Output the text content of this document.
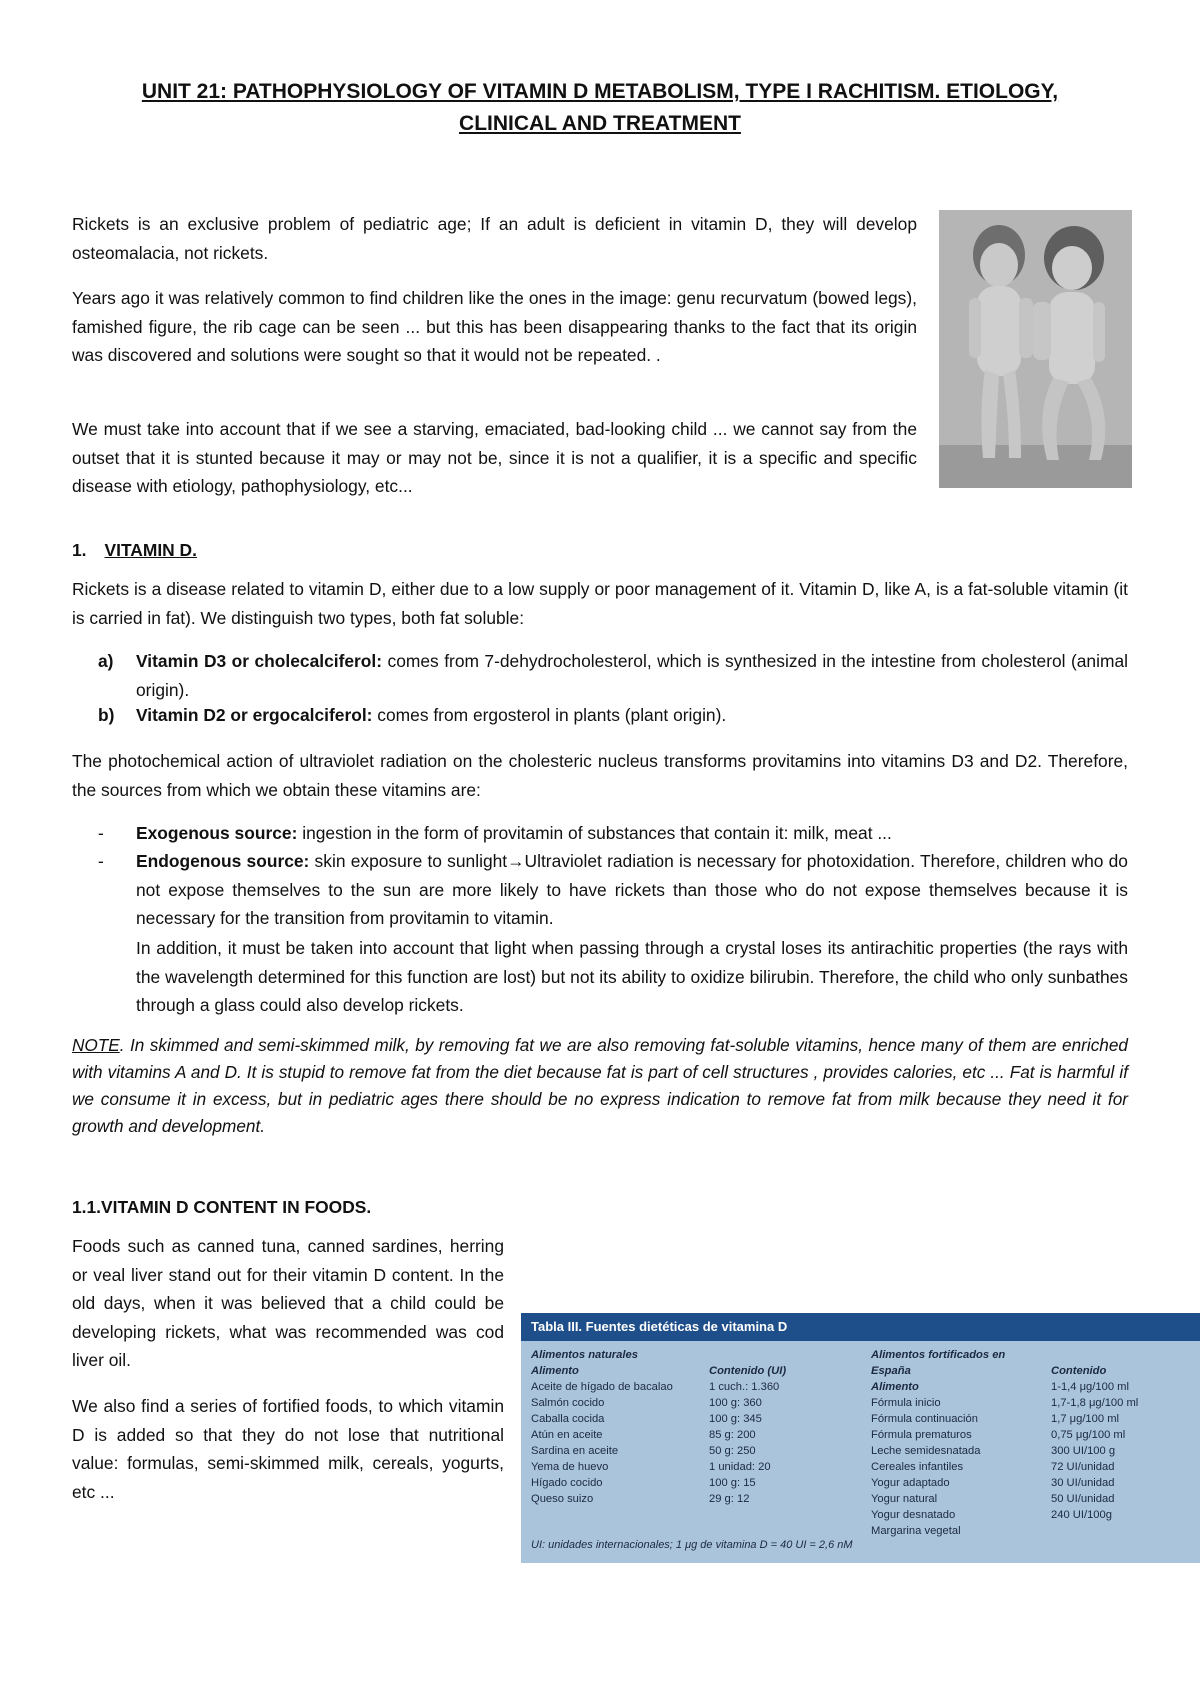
UNIT 21: PATHOPHYSIOLOGY OF VITAMIN D METABOLISM, TYPE I RACHITISM. ETIOLOGY,
CLINICAL AND TREATMENT
Rickets is an exclusive problem of pediatric age; If an adult is deficient in vitamin D, they will develop osteomalacia, not rickets.
Years ago it was relatively common to find children like the ones in the image: genu recurvatum (bowed legs), famished figure, the rib cage can be seen ... but this has been disappearing thanks to the fact that its origin was discovered and solutions were sought so that it would not be repeated. .
We must take into account that if we see a starving, emaciated, bad-looking child ... we cannot say from the outset that it is stunted because it may or may not be, since it is not a qualifier, it is a specific and specific disease with etiology, pathophysiology, etc...
1. VITAMIN D.
Rickets is a disease related to vitamin D, either due to a low supply or poor management of it. Vitamin D, like A, is a fat-soluble vitamin (it is carried in fat). We distinguish two types, both fat soluble:
a) Vitamin D3 or cholecalciferol: comes from 7-dehydrocholesterol, which is synthesized in the intestine from cholesterol (animal origin).
b) Vitamin D2 or ergocalciferol: comes from ergosterol in plants (plant origin).
The photochemical action of ultraviolet radiation on the cholesteric nucleus transforms provitamins into vitamins D3 and D2. Therefore, the sources from which we obtain these vitamins are:
- Exogenous source: ingestion in the form of provitamin of substances that contain it: milk, meat ...
- Endogenous source: skin exposure to sunlight→Ultraviolet radiation is necessary for photoxidation. Therefore, children who do not expose themselves to the sun are more likely to have rickets than those who do not expose themselves because it is necessary for the transition from provitamin to vitamin.
In addition, it must be taken into account that light when passing through a crystal loses its antirachitic properties (the rays with the wavelength determined for this function are lost) but not its ability to oxidize bilirubin. Therefore, the child who only sunbathes through a glass could also develop rickets.
NOTE. In skimmed and semi-skimmed milk, by removing fat we are also removing fat-soluble vitamins, hence many of them are enriched with vitamins A and D. It is stupid to remove fat from the diet because fat is part of cell structures , provides calories, etc ... Fat is harmful if we consume it in excess, but in pediatric ages there should be no express indication to remove fat from milk because they need it for growth and development.
1.1.VITAMIN D CONTENT IN FOODS.
Foods such as canned tuna, canned sardines, herring or veal liver stand out for their vitamin D content. In the old days, when it was believed that a child could be developing rickets, what was recommended was cod liver oil.
We also find a series of fortified foods, to which vitamin D is added so that they do not lose that nutritional value: formulas, semi-skimmed milk, cereals, yogurts, etc ...
Tabla III. Fuentes dietéticas de vitamina D
Alimentos naturales
Alimento
Aceite de hígado de bacalao
Salmón cocido
Caballa cocida
Atún en aceite
Sardina en aceite
Yema de huevo
Hígado cocido
Queso suizo

Contenido (UI)
1 cuch.: 1.360
100 g: 360
100 g: 345
85 g: 200
50 g: 250
1 unidad: 20
100 g: 15
29 g: 12
Alimentos fortificados en España
Alimento
Fórmula inicio
Fórmula continuación
Fórmula prematuros
Leche semidesnatada
Cereales infantiles
Yogur adaptado
Yogur natural
Yogur desnatado
Margarina vegetal

Contenido
1-1,4 μg/100 ml
1,7-1,8 μg/100 ml
1,7 μg/100 ml
0,75 μg/100 ml
300 UI/100 g
72 UI/unidad
30 UI/unidad
50 UI/unidad
240 UI/100g
UI: unidades internacionales; 1 μg de vitamina D = 40 UI = 2,6 nM
